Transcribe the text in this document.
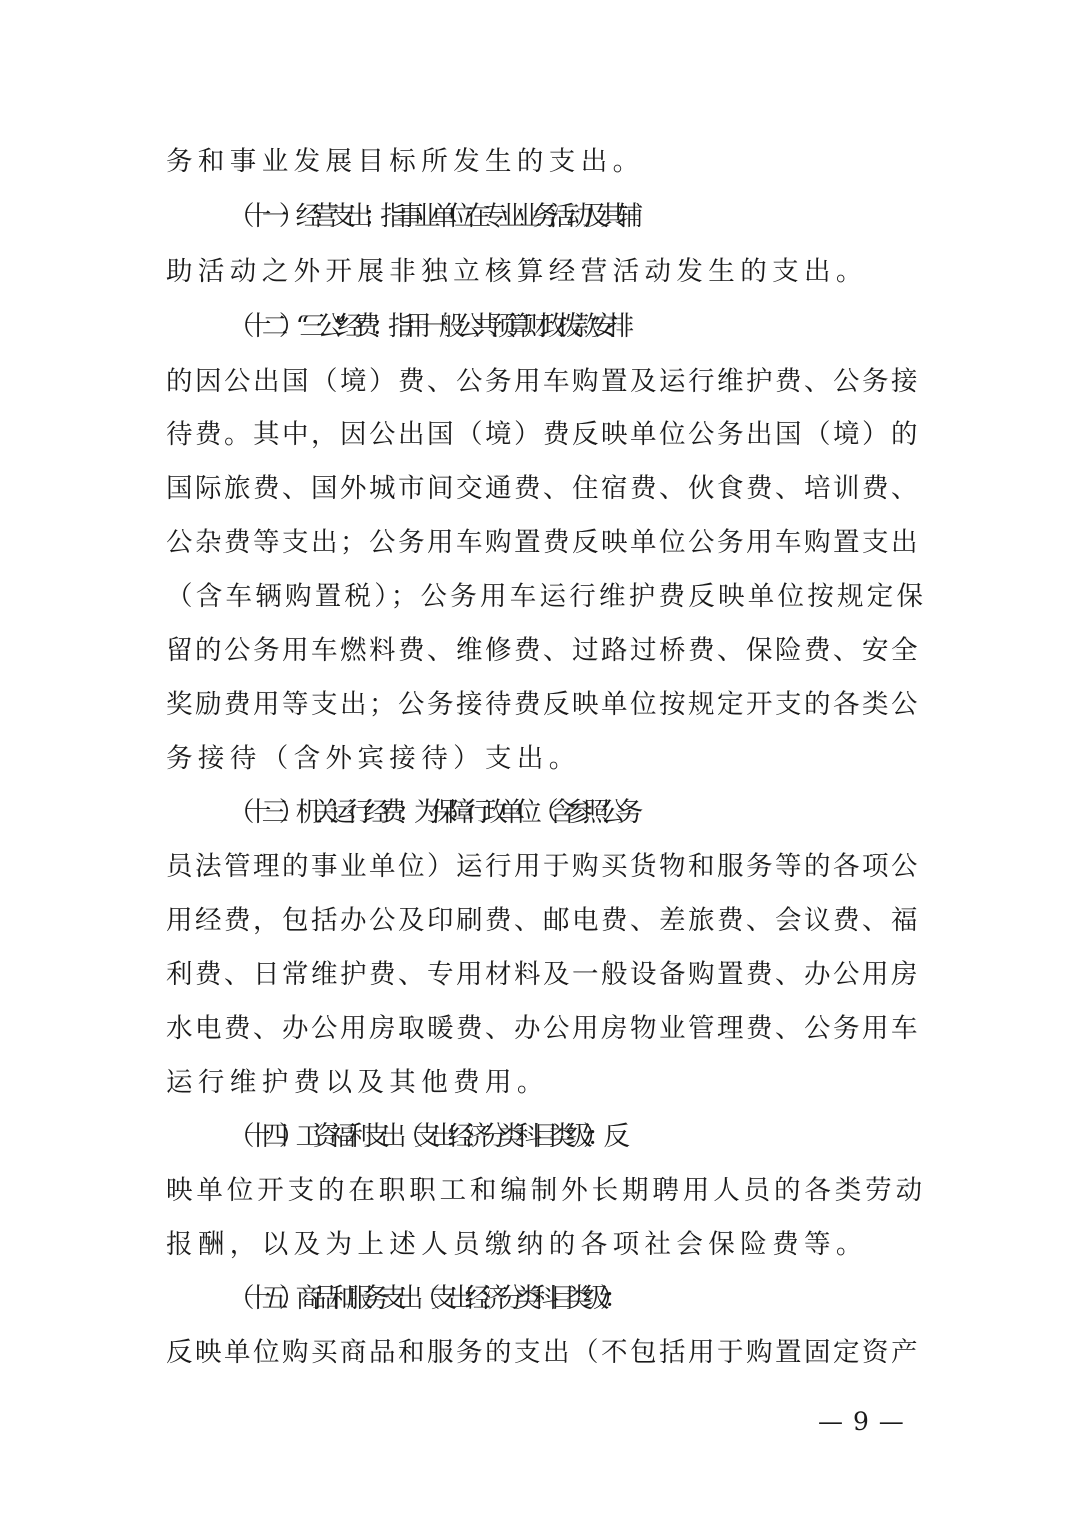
务和事业发展目标所发生的支出。
（十一）经营支出：指事业单位在专业业务活动及其辅
助活动之外开展非独立核算经营活动发生的支出。
（十二）“三公”经费：指用一般公共预算财政拨款安排
的因公出国（境）费、公务用车购置及运行维护费、公务接
待费。其中，因公出国（境）费反映单位公务出国（境）的
国际旅费、国外城市间交通费、住宿费、伙食费、培训费、
公杂费等支出；公务用车购置费反映单位公务用车购置支出
（含车辆购置税）；公务用车运行维护费反映单位按规定保
留的公务用车燃料费、维修费、过路过桥费、保险费、安全
奖励费用等支出；公务接待费反映单位按规定开支的各类公
务接待（含外宾接待）支出。
（十三）机关运行经费：为保障行政单位（含参照公务
员法管理的事业单位）运行用于购买货物和服务等的各项公
用经费，包括办公及印刷费、邮电费、差旅费、会议费、福
利费、日常维护费、专用材料及一般设备购置费、办公用房
水电费、办公用房取暖费、办公用房物业管理费、公务用车
运行维护费以及其他费用。
（十四）工资福利支出（支出经济分类科目类级）：反
映单位开支的在职职工和编制外长期聘用人员的各类劳动
报酬，以及为上述人员缴纳的各项社会保险费等。
（十五）商品和服务支出（支出经济分类科目类级）：
反映单位购买商品和服务的支出（不包括用于购置固定资产
— 9 —
